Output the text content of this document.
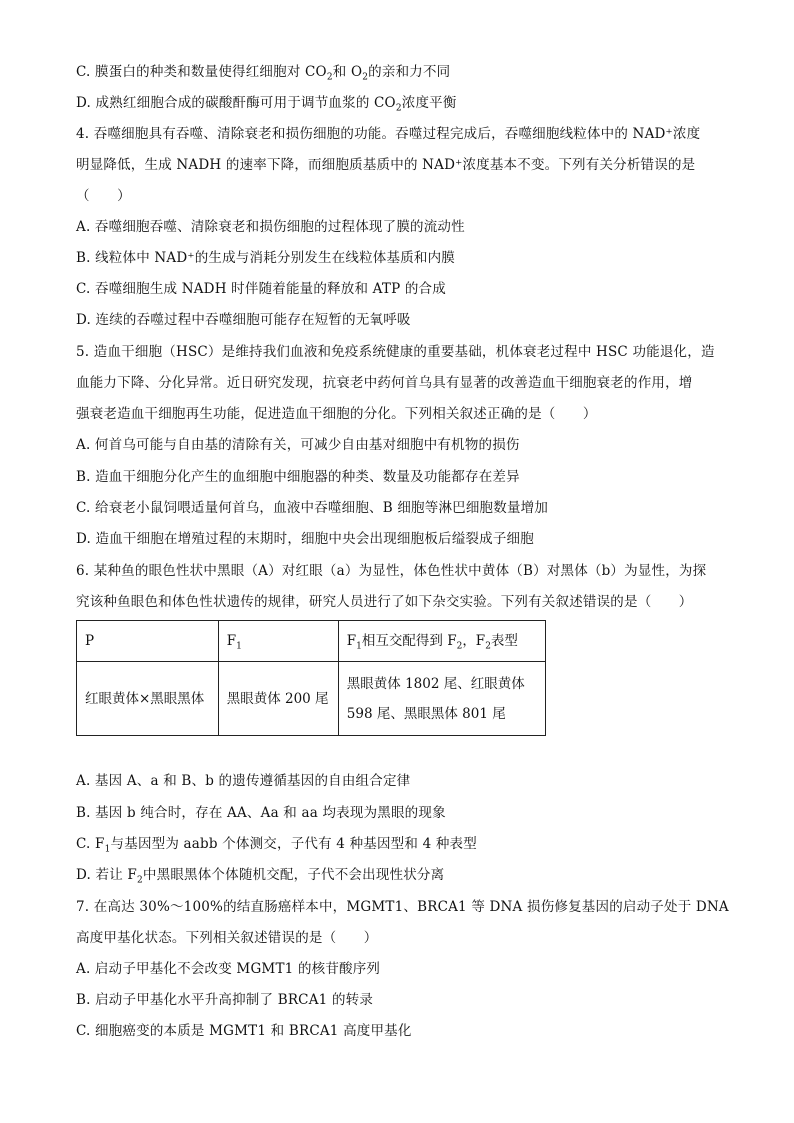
C. 膜蛋白的种类和数量使得红细胞对 $CO_2$和 $O_2$的亲和力不同
D. 成熟红细胞合成的碳酸酐酶可用于调节血浆的 $CO_2$浓度平衡
4. 吞噬细胞具有吞噬、清除衰老和损伤细胞的功能。吞噬过程完成后，吞噬细胞线粒体中的 NAD⁺浓度
明显降低，生成 NADH 的速率下降，而细胞质基质中的 NAD⁺浓度基本不变。下列有关分析错误的是
（　　）
A. 吞噬细胞吞噬、清除衰老和损伤细胞的过程体现了膜的流动性
B. 线粒体中 NAD⁺的生成与消耗分别发生在线粒体基质和内膜
C. 吞噬细胞生成 NADH 时伴随着能量的释放和 ATP 的合成
D. 连续的吞噬过程中吞噬细胞可能存在短暂的无氧呼吸
5. 造血干细胞（HSC）是维持我们血液和免疫系统健康的重要基础，机体衰老过程中 HSC 功能退化，造
血能力下降、分化异常。近日研究发现，抗衰老中药何首乌具有显著的改善造血干细胞衰老的作用，增
强衰老造血干细胞再生功能，促进造血干细胞的分化。下列相关叙述正确的是（　　）
A. 何首乌可能与自由基的清除有关，可减少自由基对细胞中有机物的损伤
B. 造血干细胞分化产生的血细胞中细胞器的种类、数量及功能都存在差异
C. 给衰老小鼠饲喂适量何首乌，血液中吞噬细胞、B 细胞等淋巴细胞数量增加
D. 造血干细胞在增殖过程的末期时，细胞中央会出现细胞板后缢裂成子细胞
6. 某种鱼的眼色性状中黑眼（A）对红眼（a）为显性，体色性状中黄体（B）对黑体（b）为显性，为探
究该种鱼眼色和体色性状遗传的规律，研究人员进行了如下杂交实验。下列有关叙述错误的是（　　）
P	$F_1$	$F_1$相互交配得到 $F_2$，$F_2$表型
红眼黄体×黑眼黑体	黑眼黄体 200 尾	黑眼黄体 1802 尾、红眼黄体
598 尾、黑眼黑体 801 尾
A. 基因 A、a 和 B、b 的遗传遵循基因的自由组合定律
B. 基因 b 纯合时，存在 AA、Aa 和 aa 均表现为黑眼的现象
C. $F_1$与基因型为 aabb 个体测交，子代有 4 种基因型和 4 种表型
D. 若让 $F_2$中黑眼黑体个体随机交配，子代不会出现性状分离
7. 在高达 30%～100%的结直肠癌样本中，MGMT1、BRCA1 等 DNA 损伤修复基因的启动子处于 DNA
高度甲基化状态。下列相关叙述错误的是（　　）
A. 启动子甲基化不会改变 MGMT1 的核苷酸序列
B. 启动子甲基化水平升高抑制了 BRCA1 的转录
C. 细胞癌变的本质是 MGMT1 和 BRCA1 高度甲基化
